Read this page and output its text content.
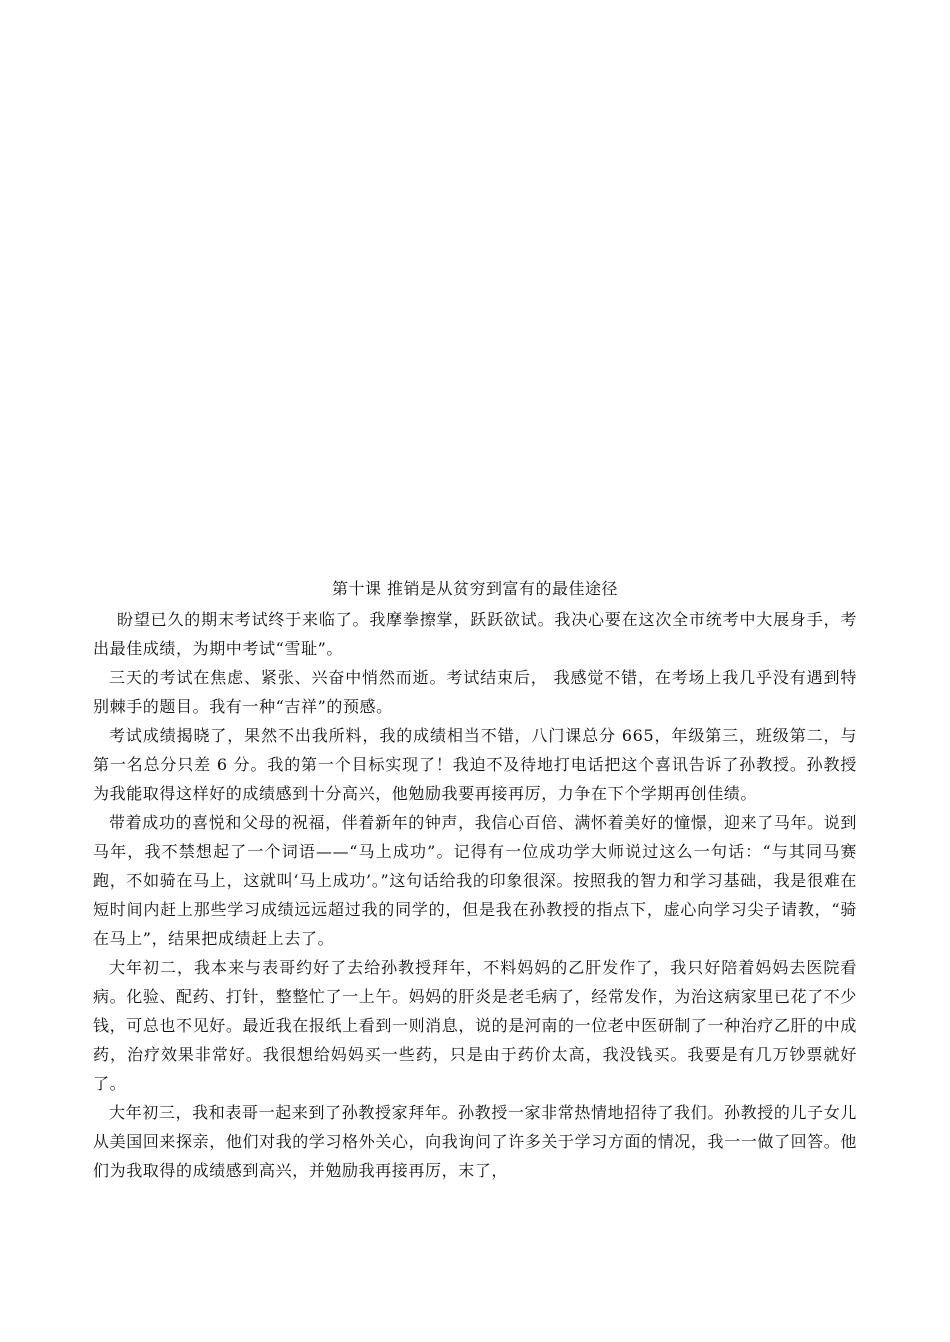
第十课 推销是从贫穷到富有的最佳途径

盼望已久的期末考试终于来临了。我摩拳擦掌，跃跃欲试。我决心要在这次全市统考中大展身手，考出最佳成绩，为期中考试“雪耻”。

三天的考试在焦虑、紧张、兴奋中悄然而逝。考试结束后， 我感觉不错，在考场上我几乎没有遇到特别棘手的题目。我有一种“吉祥”的预感。

考试成绩揭晓了，果然不出我所料，我的成绩相当不错，八门课总分 665，年级第三，班级第二，与第一名总分只差 6 分。我的第一个目标实现了！我迫不及待地打电话把这个喜讯告诉了孙教授。孙教授为我能取得这样好的成绩感到十分高兴，他勉励我要再接再厉，力争在下个学期再创佳绩。

带着成功的喜悦和父母的祝福，伴着新年的钟声，我信心百倍、满怀着美好的憧憬，迎来了马年。说到马年，我不禁想起了一个词语——“马上成功”。记得有一位成功学大师说过这么一句话：“与其同马赛跑，不如骑在马上，这就叫‘马上成功’。”这句话给我的印象很深。按照我的智力和学习基础，我是很难在短时间内赶上那些学习成绩远远超过我的同学的，但是我在孙教授的指点下，虚心向学习尖子请教，“骑在马上”，结果把成绩赶上去了。

大年初二，我本来与表哥约好了去给孙教授拜年，不料妈妈的乙肝发作了，我只好陪着妈妈去医院看病。化验、配药、打针，整整忙了一上午。妈妈的肝炎是老毛病了，经常发作，为治这病家里已花了不少钱，可总也不见好。最近我在报纸上看到一则消息，说的是河南的一位老中医研制了一种治疗乙肝的中成药，治疗效果非常好。我很想给妈妈买一些药，只是由于药价太高，我没钱买。我要是有几万钞票就好了。

大年初三，我和表哥一起来到了孙教授家拜年。孙教授一家非常热情地招待了我们。孙教授的儿子女儿从美国回来探亲，他们对我的学习格外关心，向我询问了许多关于学习方面的情况，我一一做了回答。他们为我取得的成绩感到高兴，并勉励我再接再厉，末了，
